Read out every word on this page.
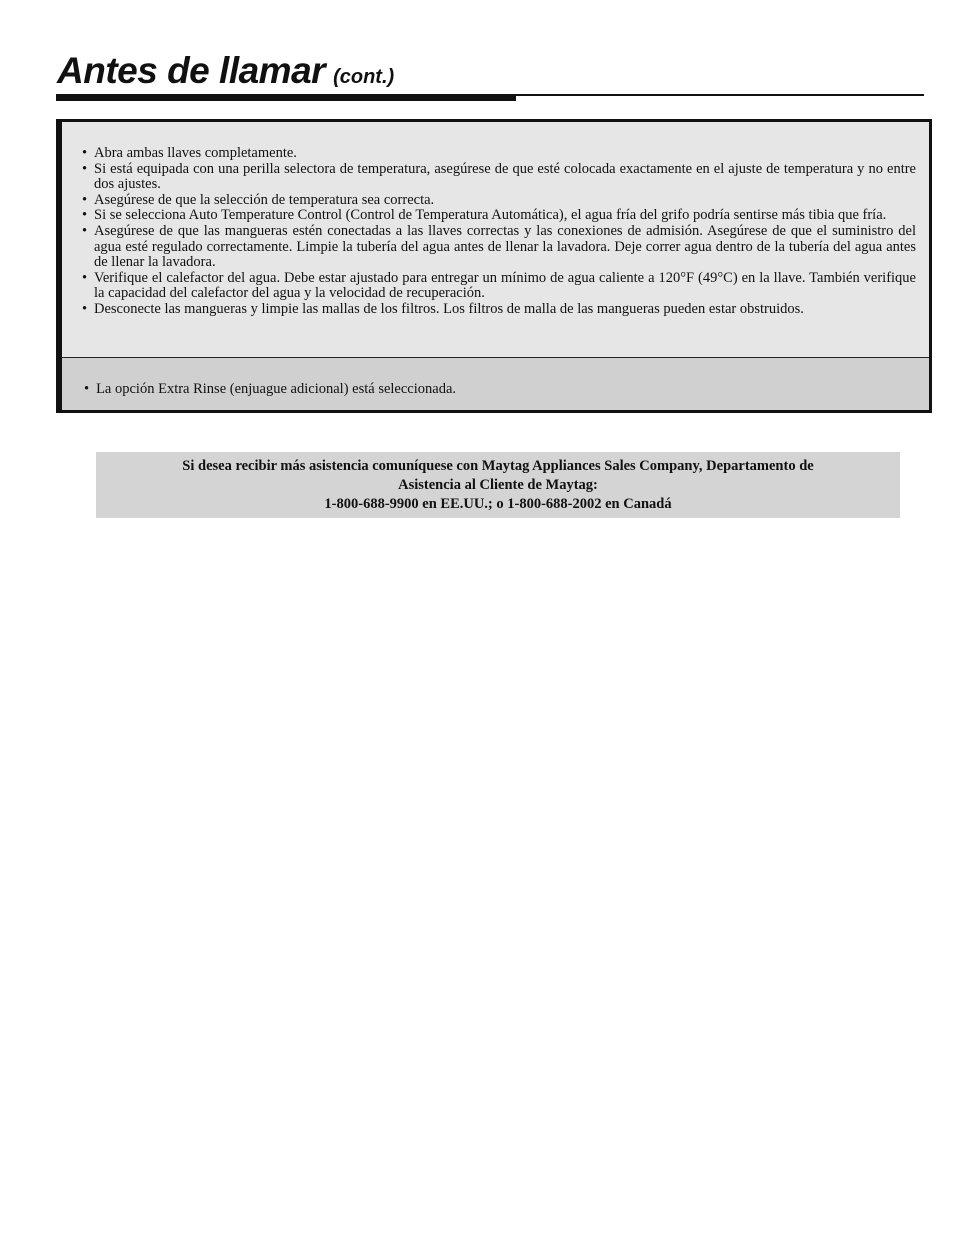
Antes de llamar (cont.)
• Abra ambas llaves completamente.
• Si está equipada con una perilla selectora de temperatura, asegúrese de que esté colocada exactamente en el ajuste de temperatura y no entre dos ajustes.
• Asegúrese de que la selección de temperatura sea correcta.
• Si se selecciona Auto Temperature Control (Control de Temperatura Automática), el agua fría del grifo podría sentirse más tibia que fría.
• Asegúrese de que las mangueras estén conectadas a las llaves correctas y las conexiones de admisión. Asegúrese de que el suministro del agua esté regulado correctamente. Limpie la tubería del agua antes de llenar la lavadora. Deje correr agua dentro de la tubería del agua antes de llenar la lavadora.
• Verifique el calefactor del agua. Debe estar ajustado para entregar un mínimo de agua caliente a 120°F (49°C) en la llave. También verifique la capacidad del calefactor del agua y la velocidad de recuperación.
• Desconecte las mangueras y limpie las mallas de los filtros. Los filtros de malla de las mangueras pueden estar obstruidos.

• La opción Extra Rinse (enjuague adicional) está seleccionada.

Si desea recibir más asistencia comuníquese con Maytag Appliances Sales Company, Departamento de
Asistencia al Cliente de Maytag:
1-800-688-9900 en EE.UU.; o 1-800-688-2002 en Canadá
